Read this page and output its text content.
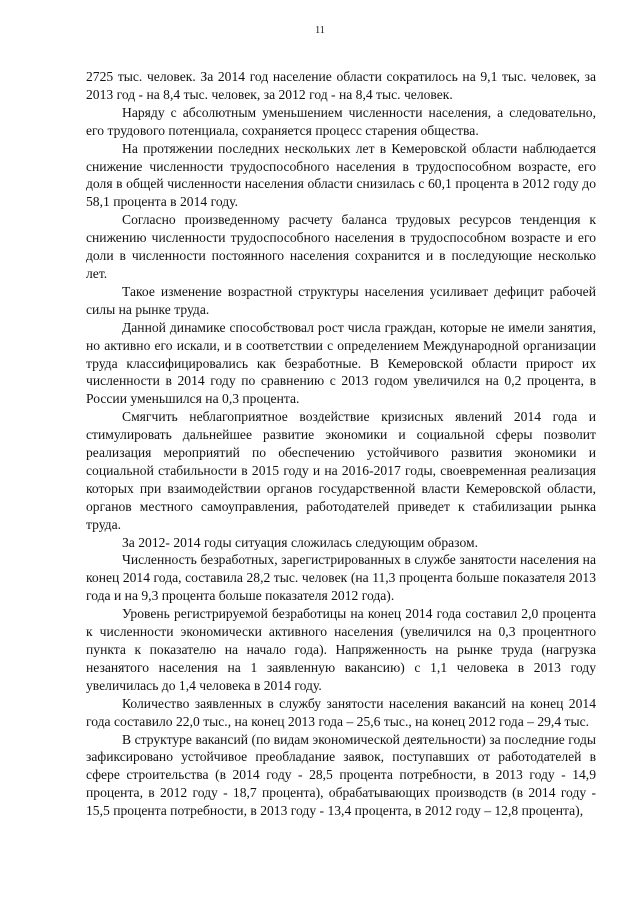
11

2725 тыс. человек. За 2014 год население области сократилось на 9,1 тыс. человек, за 2013 год - на 8,4 тыс. человек, за 2012 год - на 8,4 тыс. человек.

Наряду с абсолютным уменьшением численности населения, а следовательно, его трудового потенциала, сохраняется процесс старения общества.

На протяжении последних нескольких лет в Кемеровской области наблюдается снижение численности трудоспособного населения в трудоспособном возрасте, его доля в общей численности населения области снизилась с 60,1 процента в 2012 году до 58,1 процента в 2014 году.

Согласно произведенному расчету баланса трудовых ресурсов тенденция к снижению численности трудоспособного населения в трудоспособном возрасте и его доли в численности постоянного населения сохранится и в последующие несколько лет.

Такое изменение возрастной структуры населения усиливает дефицит рабочей силы на рынке труда.

Данной динамике способствовал рост числа граждан, которые не имели занятия, но активно его искали, и в соответствии с определением Международной организации труда классифицировались как безработные. В Кемеровской области прирост их численности в 2014 году по сравнению с 2013 годом увеличился на 0,2 процента, в России уменьшился на 0,3 процента.

Смягчить неблагоприятное воздействие кризисных явлений 2014 года и стимулировать дальнейшее развитие экономики и социальной сферы позволит реализация мероприятий по обеспечению устойчивого развития экономики и социальной стабильности в 2015 году и на 2016-2017 годы, своевременная реализация которых при взаимодействии органов государственной власти Кемеровской области, органов местного самоуправления, работодателей приведет к стабилизации рынка труда.

За 2012- 2014 годы ситуация сложилась следующим образом.

Численность безработных, зарегистрированных в службе занятости населения на конец 2014 года, составила 28,2 тыс. человек (на 11,3 процента больше показателя 2013 года и на 9,3 процента больше показателя 2012 года).

Уровень регистрируемой безработицы на конец 2014 года составил 2,0 процента к численности экономически активного населения (увеличился на 0,3 процентного пункта к показателю на начало года). Напряженность на рынке труда (нагрузка незанятого населения на 1 заявленную вакансию) с 1,1 человека в 2013 году увеличилась до 1,4 человека в 2014 году.

Количество заявленных в службу занятости населения вакансий на конец 2014 года составило 22,0 тыс., на конец 2013 года – 25,6 тыс., на конец 2012 года – 29,4 тыс.

В структуре вакансий (по видам экономической деятельности) за последние годы зафиксировано устойчивое преобладание заявок, поступавших от работодателей в сфере строительства (в 2014 году - 28,5 процента потребности, в 2013 году - 14,9 процента, в 2012 году - 18,7 процента), обрабатывающих производств (в 2014 году - 15,5 процента потребности, в 2013 году - 13,4 процента, в 2012 году – 12,8 процента),
